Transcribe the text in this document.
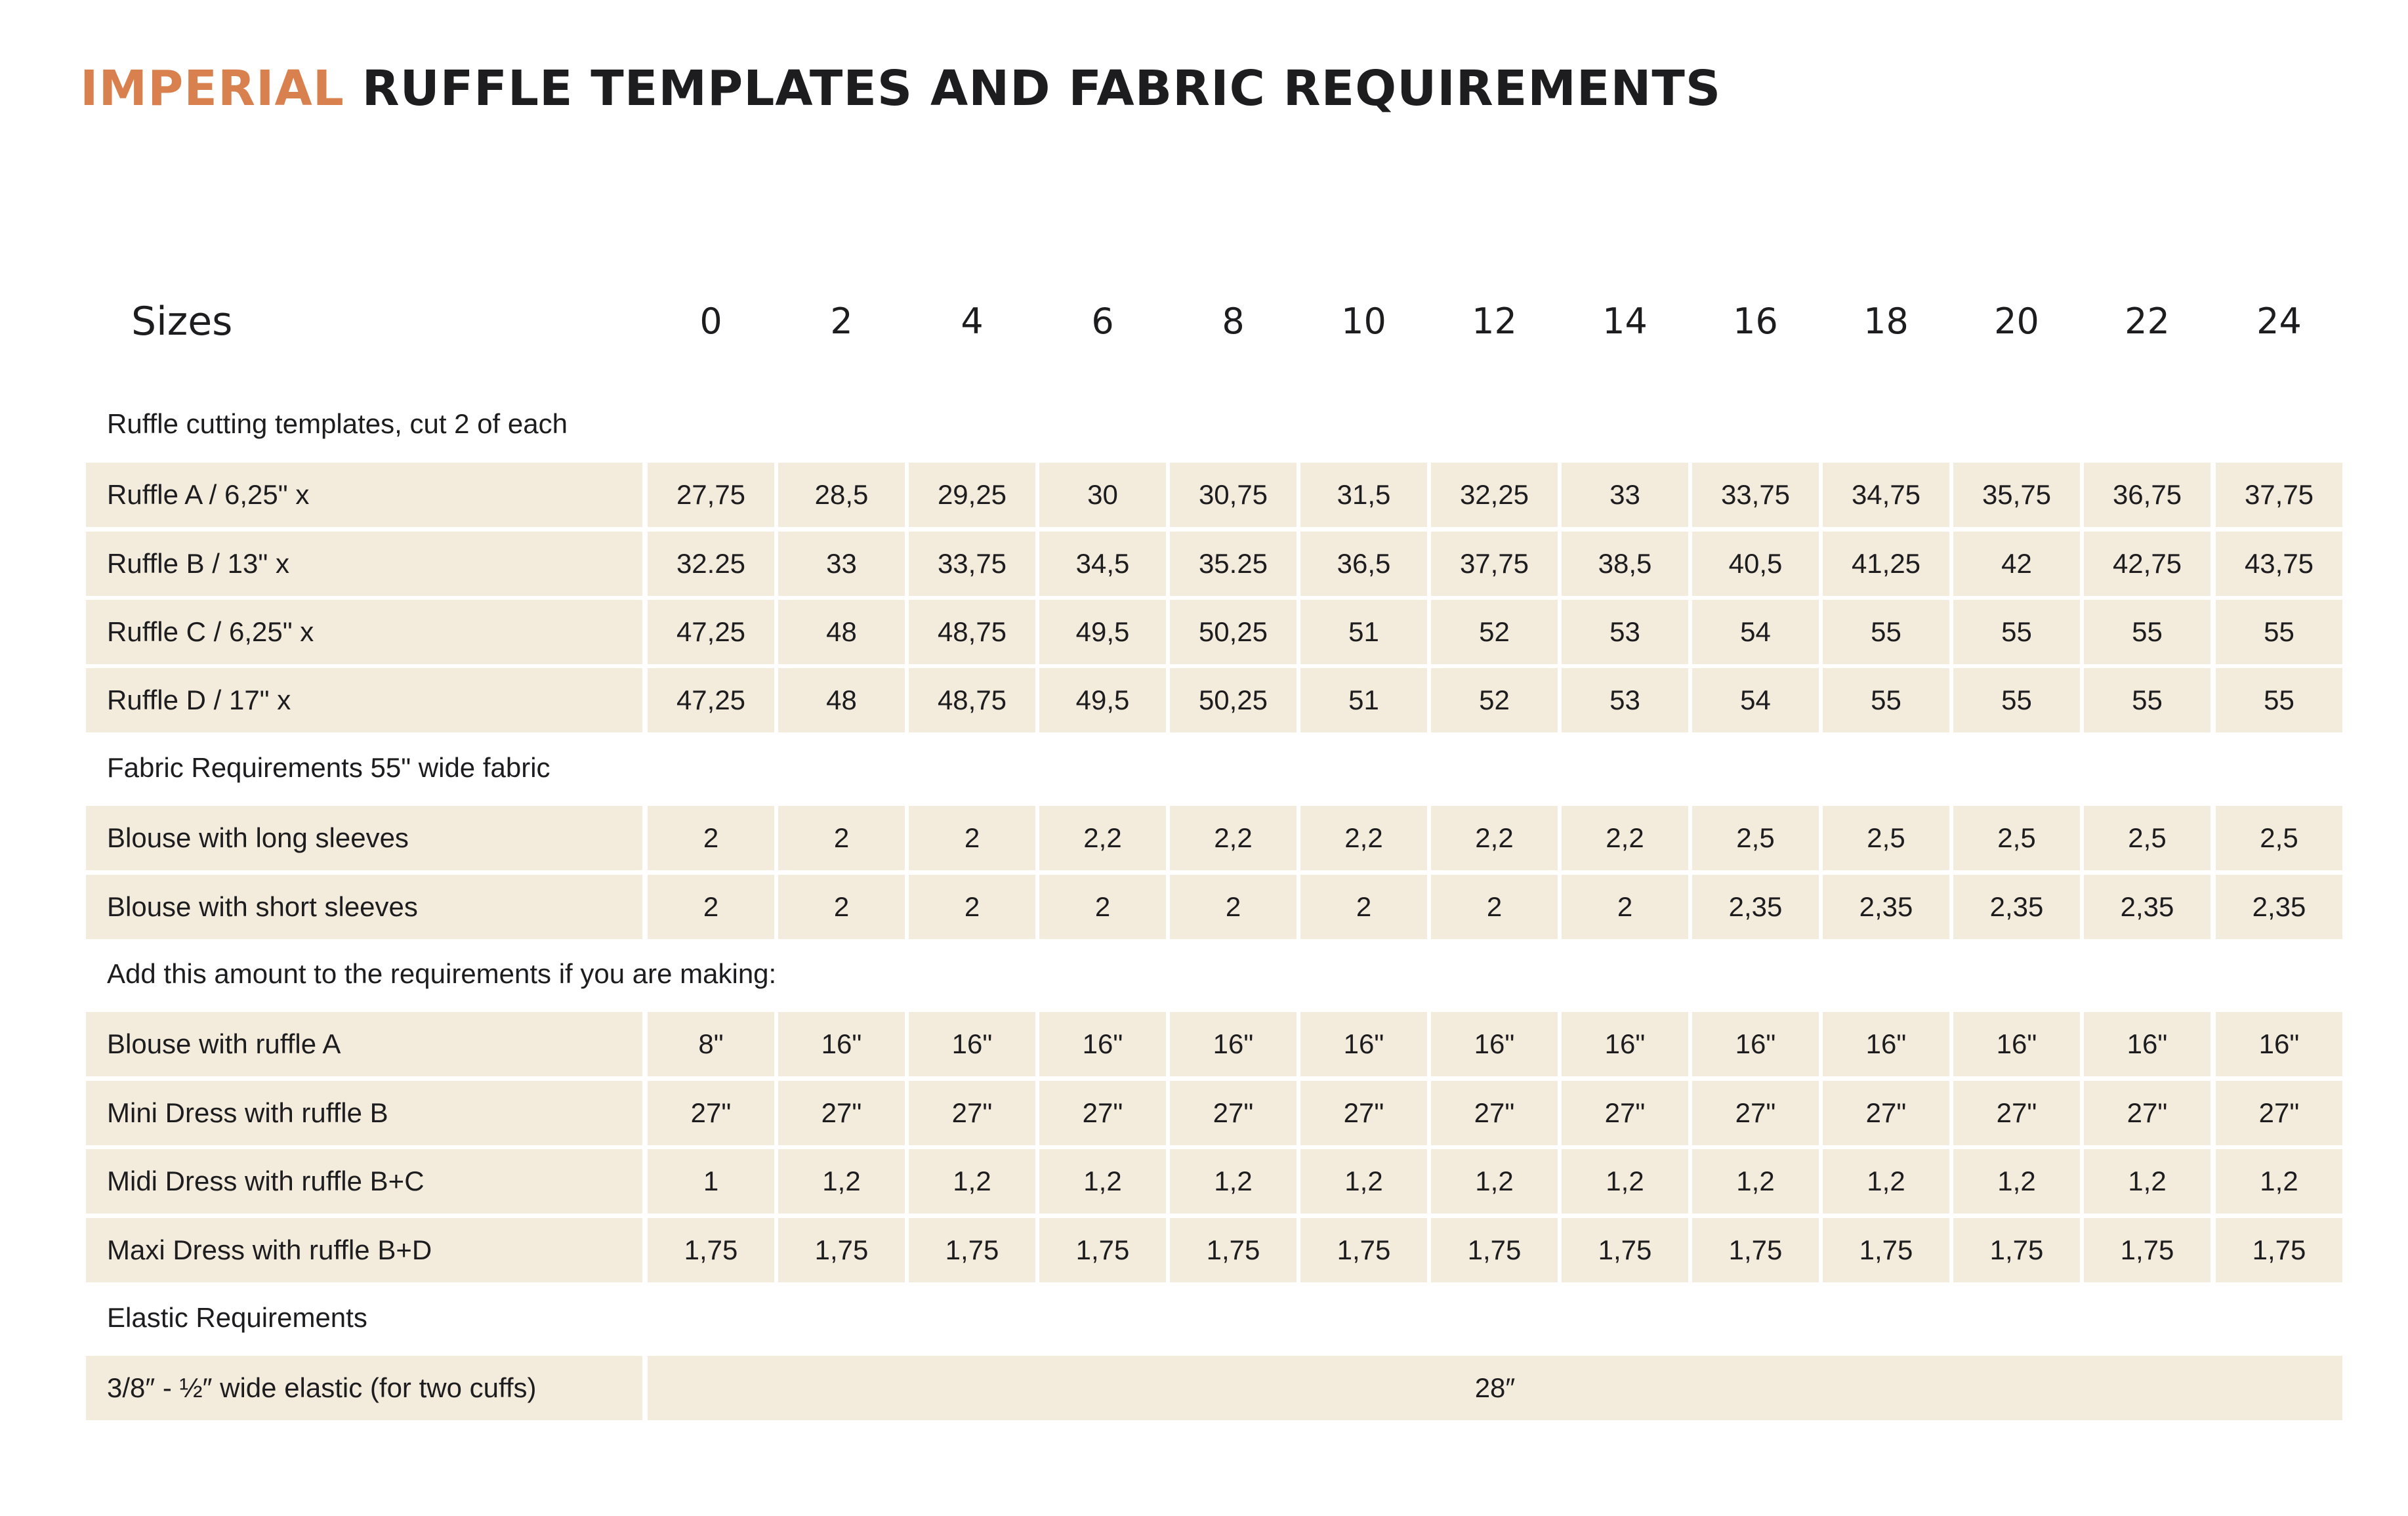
IMPERIAL RUFFLE TEMPLATES AND FABRIC REQUIREMENTS
Sizes	0	2	4	6	8	10	12	14	16	18	20	22	24
Ruffle cutting templates, cut 2 of each
Ruffle A / 6,25" x	27,75	28,5	29,25	30	30,75	31,5	32,25	33	33,75	34,75	35,75	36,75	37,75
Ruffle B / 13" x	32.25	33	33,75	34,5	35.25	36,5	37,75	38,5	40,5	41,25	42	42,75	43,75
Ruffle C / 6,25" x	47,25	48	48,75	49,5	50,25	51	52	53	54	55	55	55	55
Ruffle D / 17" x	47,25	48	48,75	49,5	50,25	51	52	53	54	55	55	55	55
Fabric Requirements 55" wide fabric
Blouse with long sleeves	2	2	2	2,2	2,2	2,2	2,2	2,2	2,5	2,5	2,5	2,5	2,5
Blouse with short sleeves	2	2	2	2	2	2	2	2	2,35	2,35	2,35	2,35	2,35
Add this amount to the requirements if you are making:
Blouse with ruffle A	8"	16"	16"	16"	16"	16"	16"	16"	16"	16"	16"	16"	16"
Mini Dress with ruffle B	27"	27"	27"	27"	27"	27"	27"	27"	27"	27"	27"	27"	27"
Midi Dress with ruffle B+C	1	1,2	1,2	1,2	1,2	1,2	1,2	1,2	1,2	1,2	1,2	1,2	1,2
Maxi Dress with ruffle B+D	1,75	1,75	1,75	1,75	1,75	1,75	1,75	1,75	1,75	1,75	1,75	1,75	1,75
Elastic Requirements
3/8″ - ½″ wide elastic (for two cuffs)	28″
